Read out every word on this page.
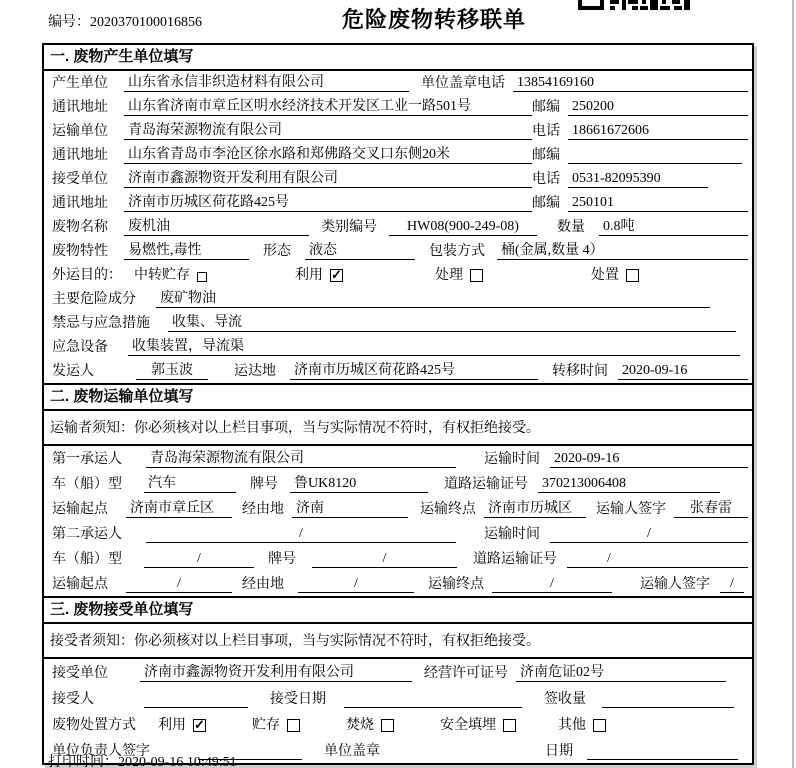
编号：2020370100016856	危险废物转移联单
一. 废物产生单位填写
产生单位	山东省永信非织造材料有限公司	单位盖章 电话 13854169160
通讯地址	山东省济南市章丘区明水经济技术开发区工业一路501号	邮编 250200
运输单位	青岛海荣源物流有限公司	电话 18661672606
通讯地址	山东省青岛市李沧区徐水路和郑佛路交叉口东侧20米	邮编
接受单位	济南市鑫源物资开发利用有限公司	电话 0531-82095390
通讯地址	济南市历城区荷花路425号	邮编 250101
废物名称	废机油	类别编号	HW08(900-249-08)	数量 0.8吨
废物特性	易燃性,毒性	形态 液态	包装方式 桶(金属,数量 4）
外运目的： 中转贮存	利用 ✓	处理	处置
主要危险成分	废矿物油
禁忌与应急措施	收集、导流
应急设备	收集装置，导流渠
发运人	郭玉波	运达地 济南市历城区荷花路425号	转移时间 2020-09-16
二. 废物运输单位填写
运输者须知：你必须核对以上栏目事项，当与实际情况不符时，有权拒绝接受。
第一承运人	青岛海荣源物流有限公司	运输时间 2020-09-16
车（船）型	汽车	牌号 鲁UK8120	道路运输证号 370213006408
运输起点	济南市章丘区	经由地 济南	运输终点 济南市历城区	运输人签字	张春雷
第二承运人	/	运输时间	/
车（船）型	/	牌号	/	道路运输证号	/
运输起点	/	经由地	/	运输终点	/	运输人签字	/
三. 废物接受单位填写
接受者须知：你必须核对以上栏目事项，当与实际情况不符时，有权拒绝接受。
接受单位	济南市鑫源物资开发利用有限公司	经营许可证号 济南危证02号
接受人	接受日期	签收量
废物处置方式 利用 ✓	贮存	焚烧	安全填埋	其他
单位负责人签字	单位盖章	日期
打印时间：2020-09-16 10:49:51
